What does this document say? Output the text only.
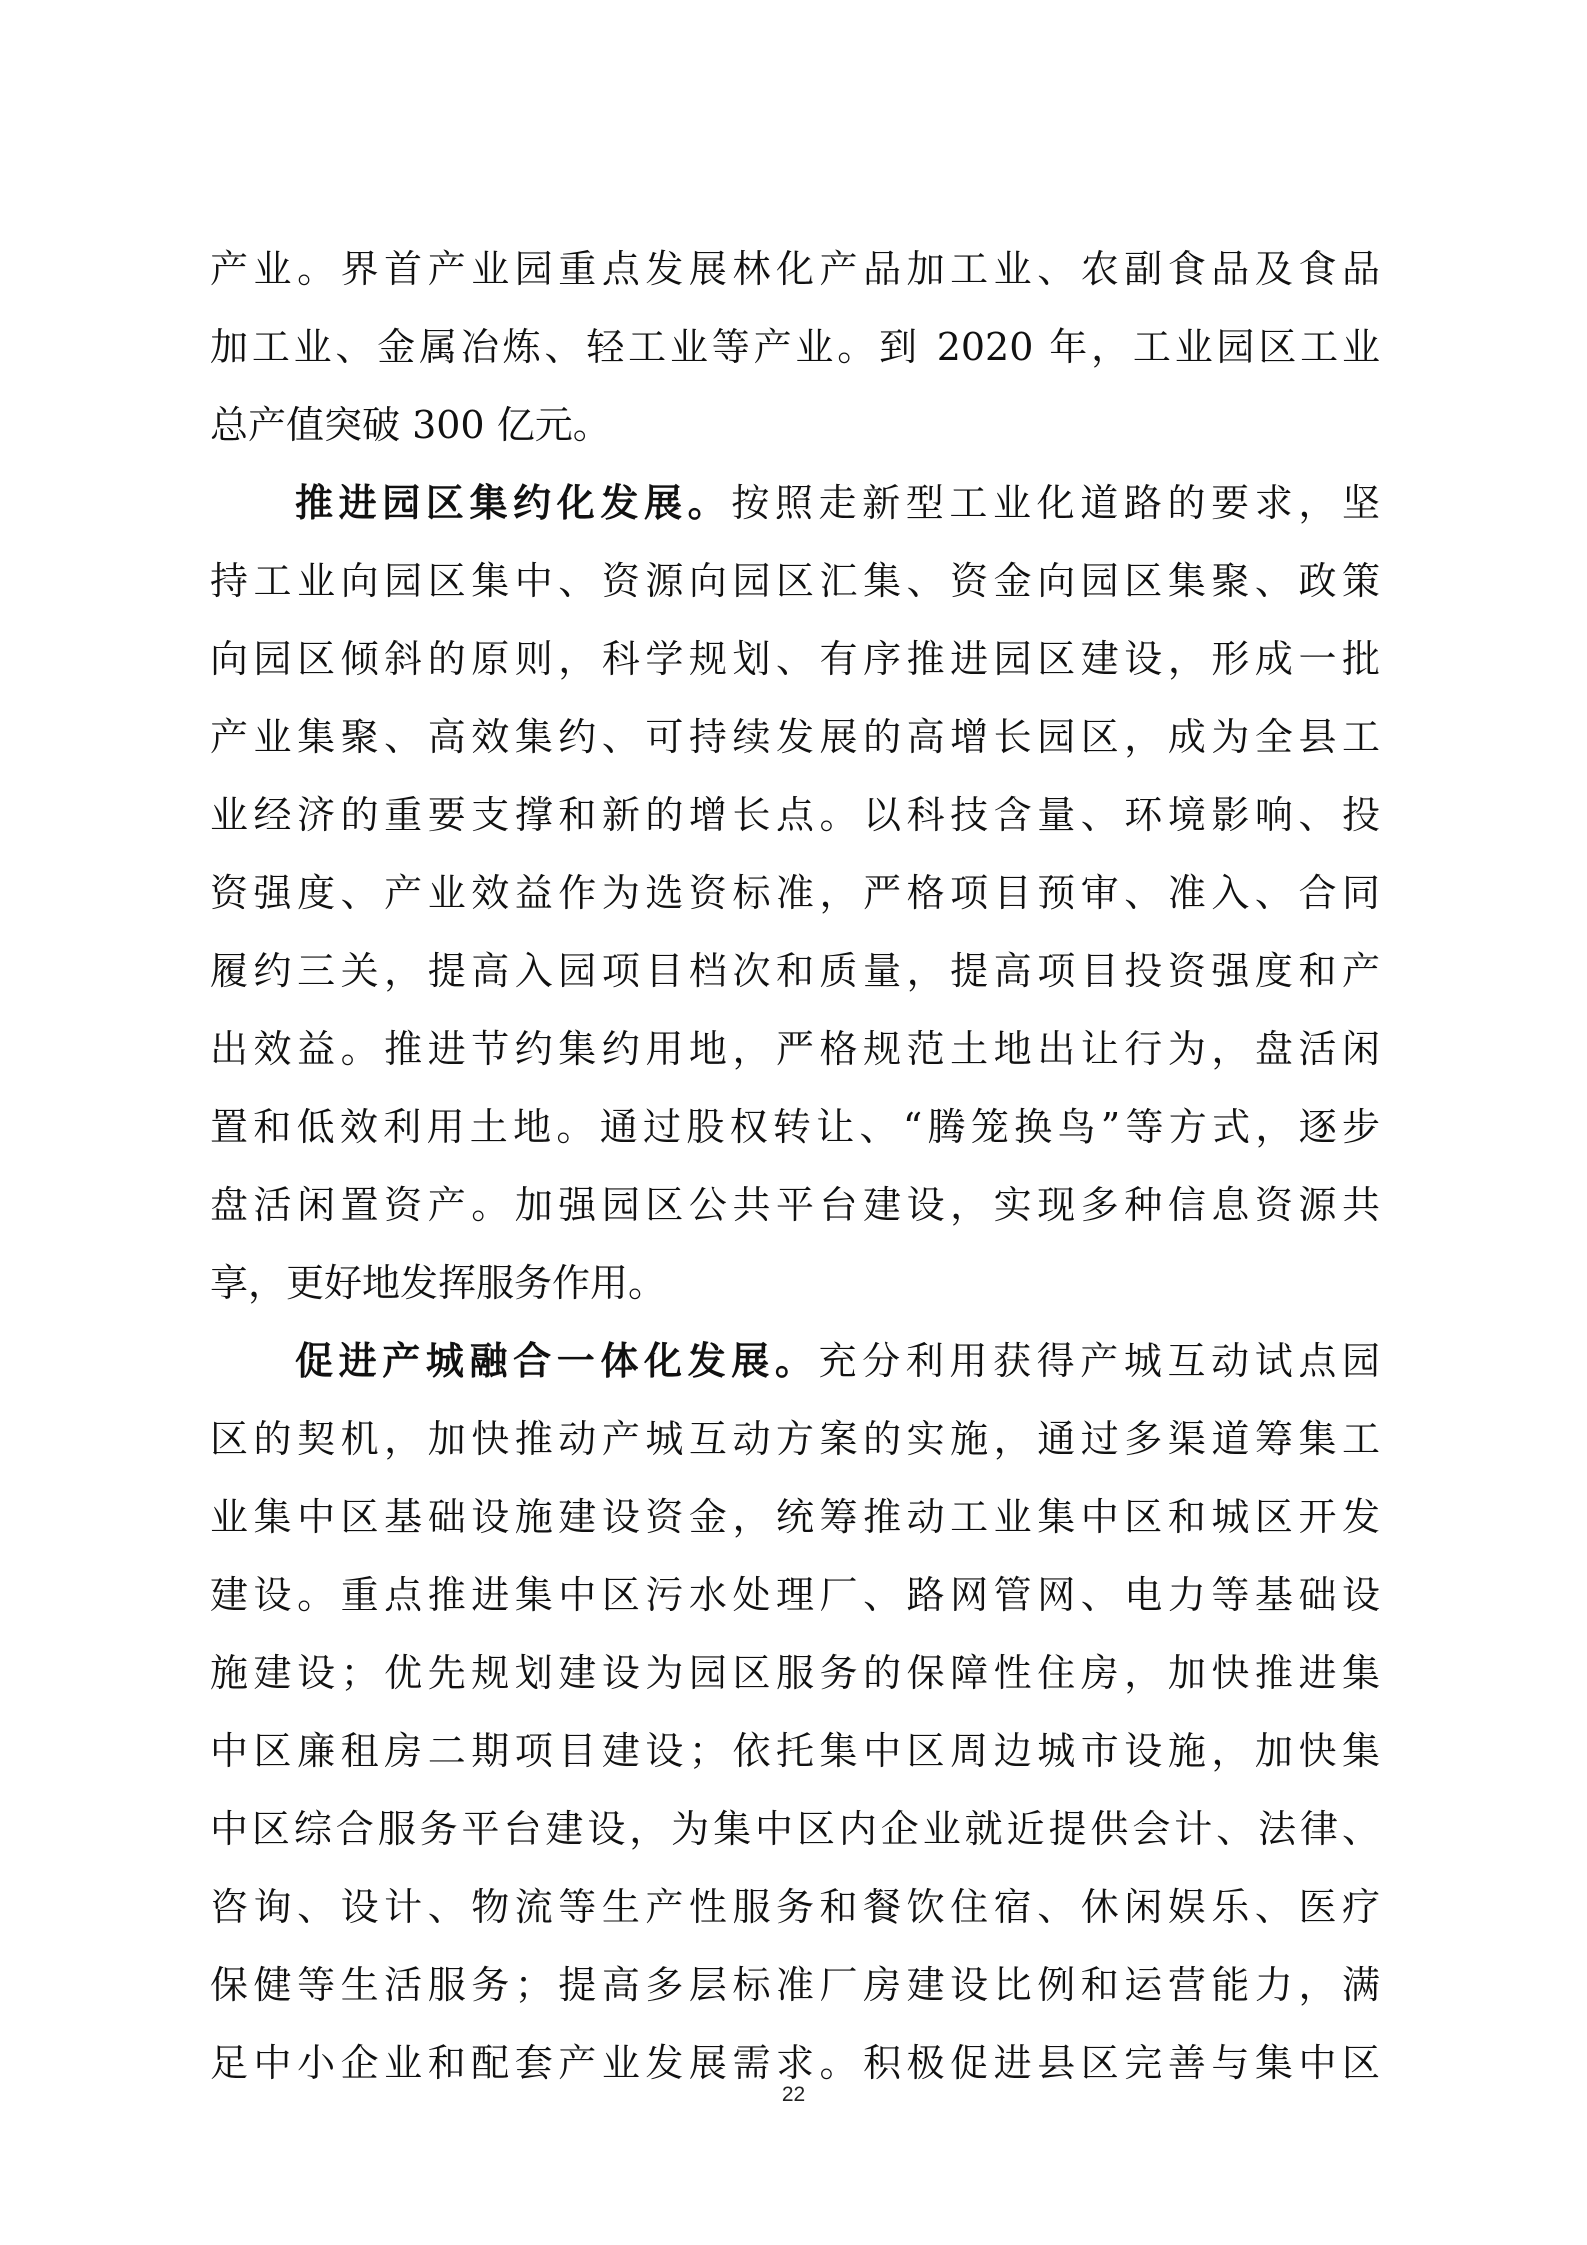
产业。界首产业园重点发展林化产品加工业、农副食品及食品
加工业、金属冶炼、轻工业等产业。到 2020 年，工业园区工业
总产值突破 300 亿元。
推进园区集约化发展。按照走新型工业化道路的要求，坚
持工业向园区集中、资源向园区汇集、资金向园区集聚、政策
向园区倾斜的原则，科学规划、有序推进园区建设，形成一批
产业集聚、高效集约、可持续发展的高增长园区，成为全县工
业经济的重要支撑和新的增长点。以科技含量、环境影响、投
资强度、产业效益作为选资标准，严格项目预审、准入、合同
履约三关，提高入园项目档次和质量，提高项目投资强度和产
出效益。推进节约集约用地，严格规范土地出让行为，盘活闲
置和低效利用土地。通过股权转让、“腾笼换鸟”等方式，逐步
盘活闲置资产。加强园区公共平台建设，实现多种信息资源共
享，更好地发挥服务作用。
促进产城融合一体化发展。充分利用获得产城互动试点园
区的契机，加快推动产城互动方案的实施，通过多渠道筹集工
业集中区基础设施建设资金，统筹推动工业集中区和城区开发
建设。重点推进集中区污水处理厂、路网管网、电力等基础设
施建设；优先规划建设为园区服务的保障性住房，加快推进集
中区廉租房二期项目建设；依托集中区周边城市设施，加快集
中区综合服务平台建设，为集中区内企业就近提供会计、法律、
咨询、设计、物流等生产性服务和餐饮住宿、休闲娱乐、医疗
保健等生活服务；提高多层标准厂房建设比例和运营能力，满
足中小企业和配套产业发展需求。积极促进县区完善与集中区
22
